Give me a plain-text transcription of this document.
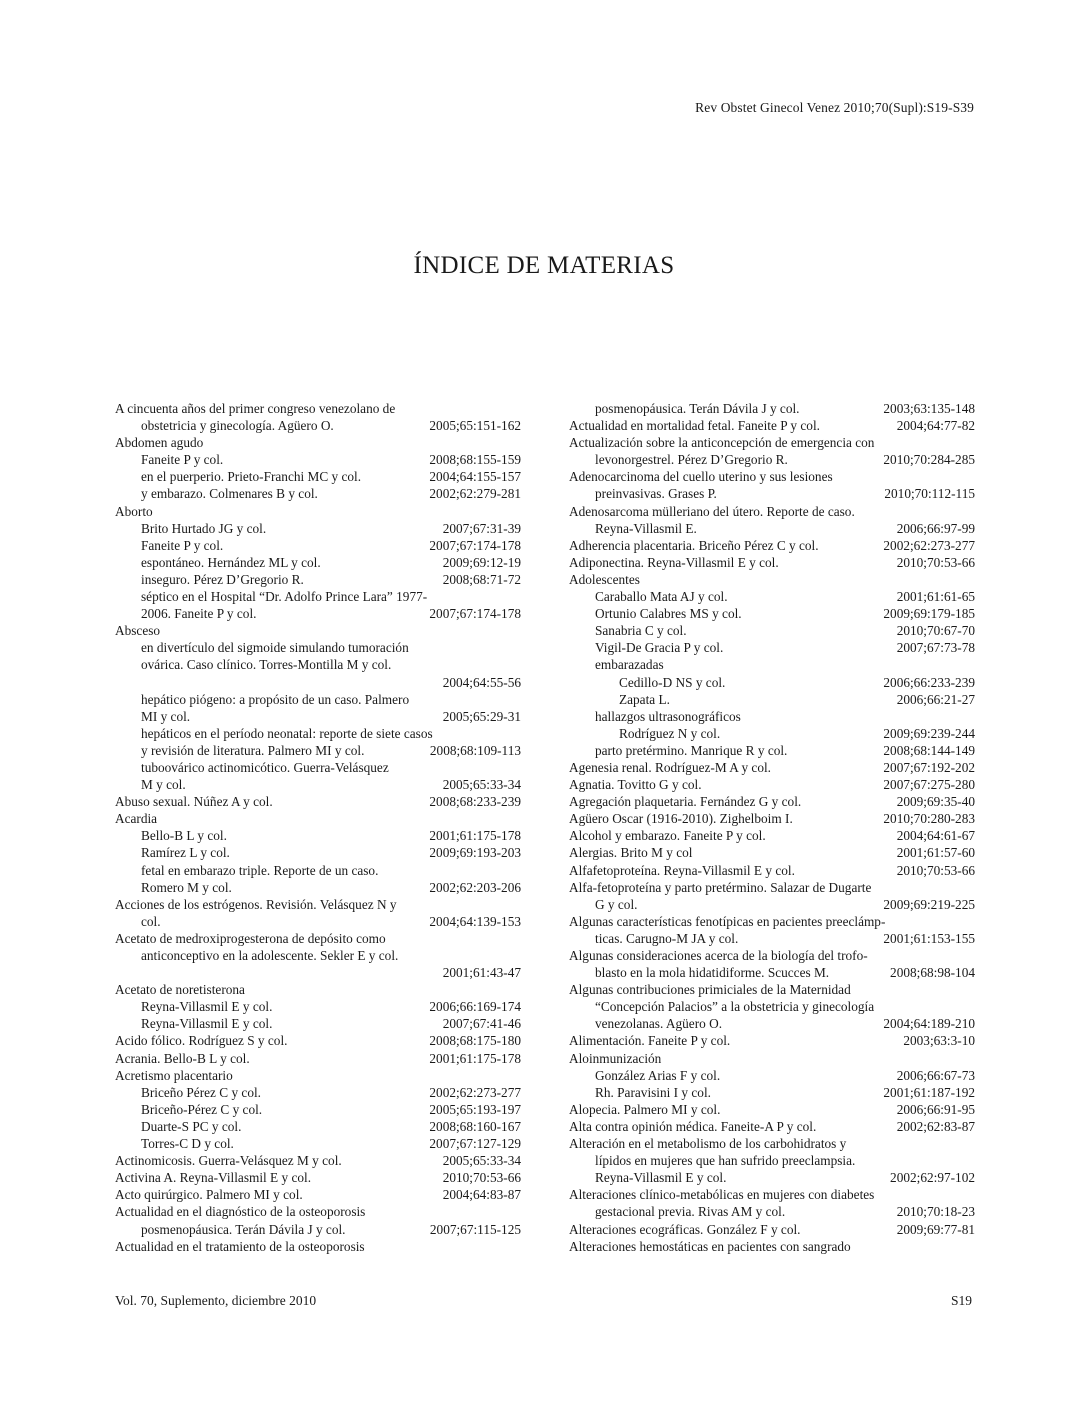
Rev Obstet Ginecol Venez 2010;70(Supl):S19-S39
ÍNDICE DE MATERIAS
A cincuenta años del primer congreso venezolano de
obstetricia y ginecología. Agüero O.	2005;65:151-162
Abdomen agudo
Faneite P y col.	2008;68:155-159
en el puerperio. Prieto-Franchi MC y col.	2004;64:155-157
y embarazo. Colmenares B y col.	2002;62:279-281
Aborto
Brito Hurtado JG y col.	2007;67:31-39
Faneite P y col.	2007;67:174-178
espontáneo. Hernández ML y col.	2009;69:12-19
inseguro. Pérez D’Gregorio R.	2008;68:71-72
séptico en el Hospital “Dr. Adolfo Prince Lara” 1977-
2006. Faneite P y col.	2007;67:174-178
Absceso
en divertículo del sigmoide simulando tumoración
ovárica. Caso clínico. Torres-Montilla M y col.
2004;64:55-56
hepático piógeno: a propósito de un caso. Palmero
MI y col.	2005;65:29-31
hepáticos en el período neonatal: reporte de siete casos
y revisión de literatura. Palmero MI y col.	2008;68:109-113
tuboovárico actinomicótico. Guerra-Velásquez
M y col.	2005;65:33-34
Abuso sexual. Núñez A y col.	2008;68:233-239
Acardia
Bello-B L y col.	2001;61:175-178
Ramírez L y col.	2009;69:193-203
fetal en embarazo triple. Reporte de un caso.
Romero M y col.	2002;62:203-206
Acciones de los estrógenos. Revisión. Velásquez N y
col.	2004;64:139-153
Acetato de medroxiprogesterona de depósito como
anticonceptivo en la adolescente. Sekler E y col.
2001;61:43-47
Acetato de noretisterona
Reyna-Villasmil E y col.	2006;66:169-174
Reyna-Villasmil E y col.	2007;67:41-46
Acido fólico. Rodríguez S y col.	2008;68:175-180
Acrania. Bello-B L y col.	2001;61:175-178
Acretismo placentario
Briceño Pérez C y col.	2002;62:273-277
Briceño-Pérez C y col.	2005;65:193-197
Duarte-S PC y col.	2008;68:160-167
Torres-C D y col.	2007;67:127-129
Actinomicosis. Guerra-Velásquez M y col.	2005;65:33-34
Activina A. Reyna-Villasmil E y col.	2010;70:53-66
Acto quirúrgico. Palmero MI y col.	2004;64:83-87
Actualidad en el diagnóstico de la osteoporosis
posmenopáusica. Terán Dávila J y col.	2007;67:115-125
Actualidad en el tratamiento de la osteoporosis
posmenopáusica. Terán Dávila J y col.	2003;63:135-148
Actualidad en mortalidad fetal. Faneite P y col.	2004;64:77-82
Actualización sobre la anticoncepción de emergencia con
levonorgestrel. Pérez D’Gregorio R.	2010;70:284-285
Adenocarcinoma del cuello uterino y sus lesiones
preinvasivas. Grases P.	2010;70:112-115
Adenosarcoma mülleriano del útero. Reporte de caso.
Reyna-Villasmil E.	2006;66:97-99
Adherencia placentaria. Briceño Pérez C y col.	2002;62:273-277
Adiponectina. Reyna-Villasmil E y col.	2010;70:53-66
Adolescentes
Caraballo Mata AJ y col.	2001;61:61-65
Ortunio Calabres MS y col.	2009;69:179-185
Sanabria C y col.	2010;70:67-70
Vigil-De Gracia P y col.	2007;67:73-78
embarazadas
Cedillo-D NS y col.	2006;66:233-239
Zapata L.	2006;66:21-27
hallazgos ultrasonográficos
Rodríguez N y col.	2009;69:239-244
parto pretérmino. Manrique R y col.	2008;68:144-149
Agenesia renal. Rodríguez-M A y col.	2007;67:192-202
Agnatia. Tovitto G y col.	2007;67:275-280
Agregación plaquetaria. Fernández G y col.	2009;69:35-40
Agüero Oscar (1916-2010). Zighelboim I.	2010;70:280-283
Alcohol y embarazo. Faneite P y col.	2004;64:61-67
Alergias. Brito M y col	2001;61:57-60
Alfafetoproteína. Reyna-Villasmil E y col.	2010;70:53-66
Alfa-fetoproteína y parto pretérmino. Salazar de Dugarte
G y col.	2009;69:219-225
Algunas características fenotípicas en pacientes preeclámp-
ticas. Carugno-M JA y col.	2001;61:153-155
Algunas consideraciones acerca de la biología del trofo-
blasto en la mola hidatidiforme. Scucces M.	2008;68:98-104
Algunas contribuciones primiciales de la Maternidad
“Concepción Palacios” a la obstetricia y ginecología
venezolanas. Agüero O.	2004;64:189-210
Alimentación. Faneite P y col.	2003;63:3-10
Aloinmunización
González Arias F y col.	2006;66:67-73
Rh. Paravisini I y col.	2001;61:187-192
Alopecia. Palmero MI y col.	2006;66:91-95
Alta contra opinión médica. Faneite-A P y col.	2002;62:83-87
Alteración en el metabolismo de los carbohidratos y
lípidos en mujeres que han sufrido preeclampsia.
Reyna-Villasmil E y col.	2002;62:97-102
Alteraciones clínico-metabólicas en mujeres con diabetes
gestacional previa. Rivas AM y col.	2010;70:18-23
Alteraciones ecográficas. González F y col.	2009;69:77-81
Alteraciones hemostáticas en pacientes con sangrado
Vol. 70, Suplemento, diciembre 2010	S19
